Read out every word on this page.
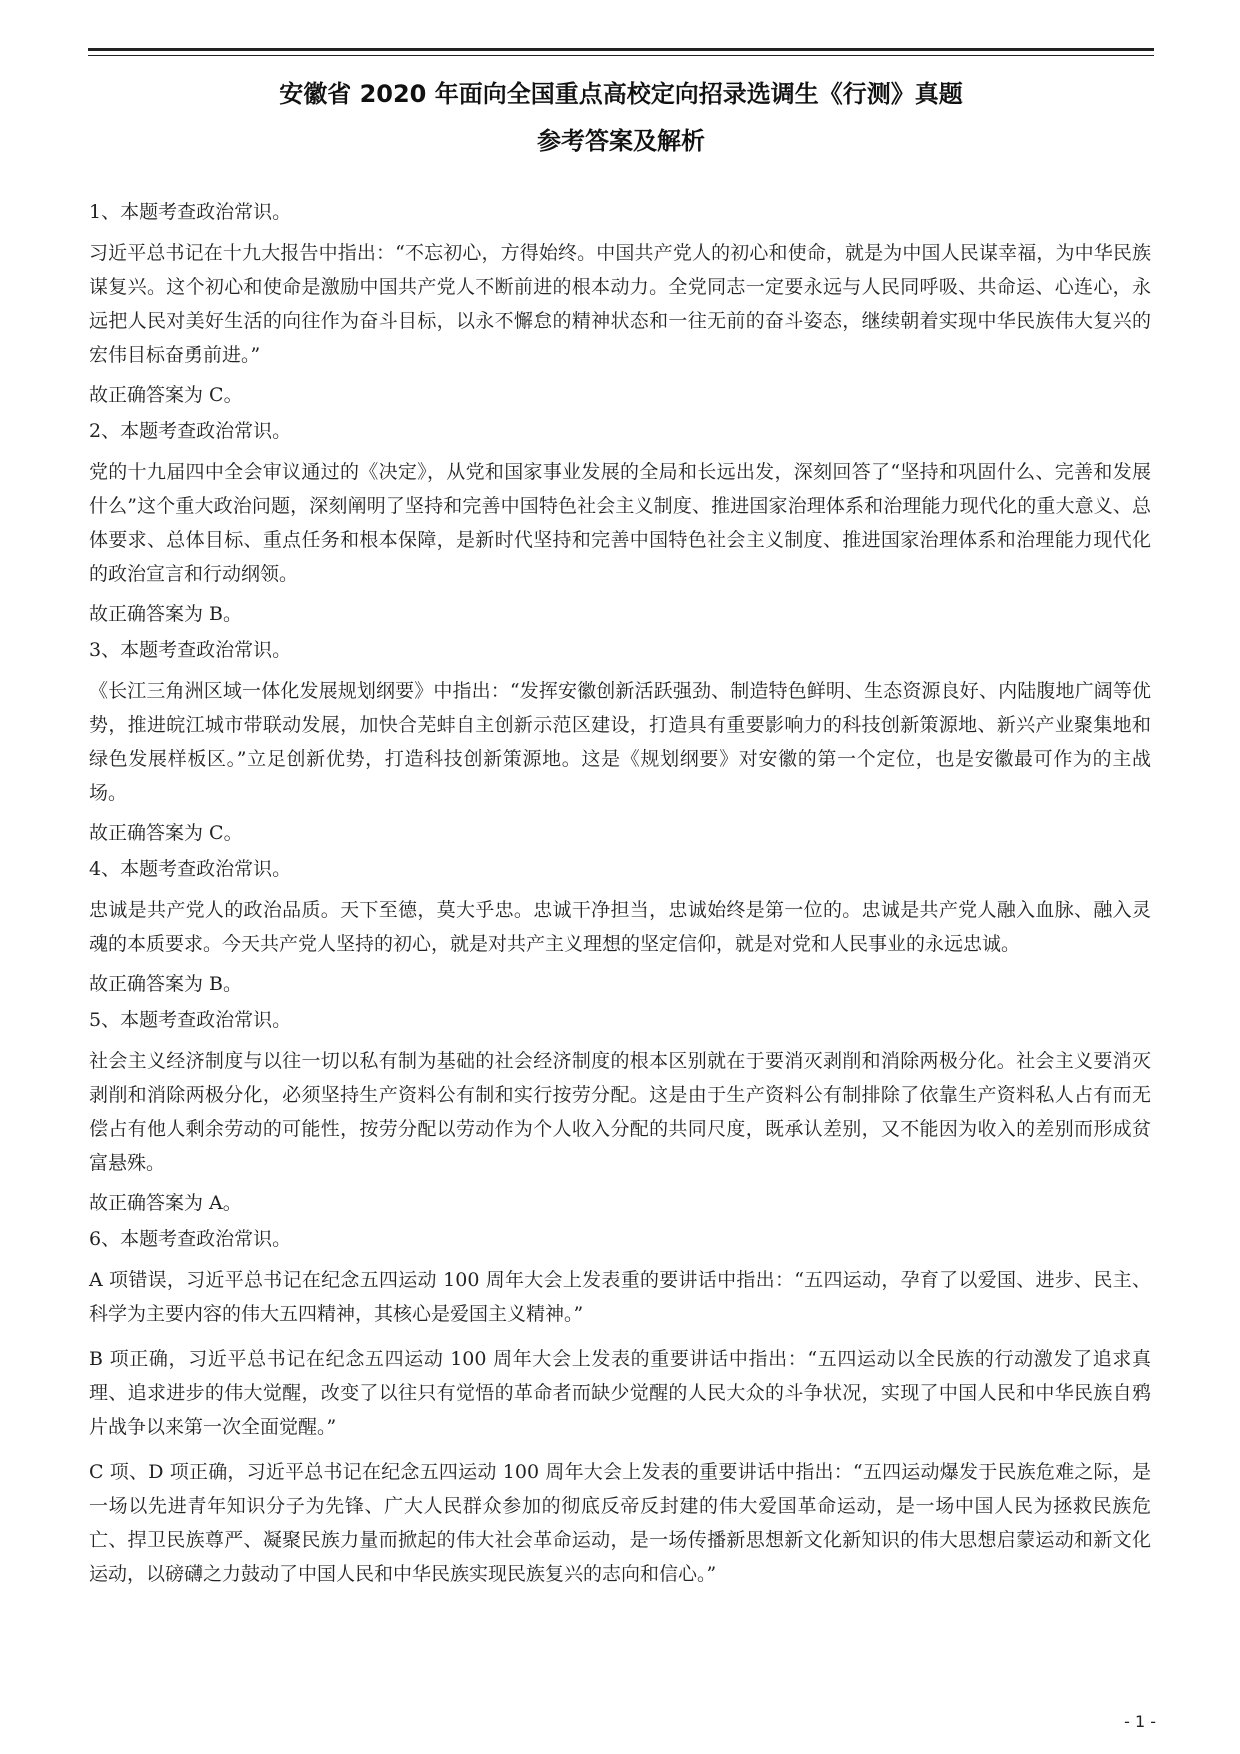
安徽省 2020 年面向全国重点高校定向招录选调生《行测》真题
参考答案及解析
1、本题考查政治常识。
习近平总书记在十九大报告中指出：“不忘初心，方得始终。中国共产党人的初心和使命，就是为中国人民谋幸福，为中华民族谋复兴。这个初心和使命是激励中国共产党人不断前进的根本动力。全党同志一定要永远与人民同呼吸、共命运、心连心，永远把人民对美好生活的向往作为奋斗目标，以永不懈怠的精神状态和一往无前的奋斗姿态，继续朝着实现中华民族伟大复兴的宏伟目标奋勇前进。”
故正确答案为 C。
2、本题考查政治常识。
党的十九届四中全会审议通过的《决定》，从党和国家事业发展的全局和长远出发，深刻回答了“坚持和巩固什么、完善和发展什么”这个重大政治问题，深刻阐明了坚持和完善中国特色社会主义制度、推进国家治理体系和治理能力现代化的重大意义、总体要求、总体目标、重点任务和根本保障，是新时代坚持和完善中国特色社会主义制度、推进国家治理体系和治理能力现代化的政治宣言和行动纲领。
故正确答案为 B。
3、本题考查政治常识。
《长江三角洲区域一体化发展规划纲要》中指出：“发挥安徽创新活跃强劲、制造特色鲜明、生态资源良好、内陆腹地广阔等优势，推进皖江城市带联动发展，加快合芜蚌自主创新示范区建设，打造具有重要影响力的科技创新策源地、新兴产业聚集地和绿色发展样板区。”立足创新优势，打造科技创新策源地。这是《规划纲要》对安徽的第一个定位，也是安徽最可作为的主战场。
故正确答案为 C。
4、本题考查政治常识。
忠诚是共产党人的政治品质。天下至德，莫大乎忠。忠诚干净担当，忠诚始终是第一位的。忠诚是共产党人融入血脉、融入灵魂的本质要求。今天共产党人坚持的初心，就是对共产主义理想的坚定信仰，就是对党和人民事业的永远忠诚。
故正确答案为 B。
5、本题考查政治常识。
社会主义经济制度与以往一切以私有制为基础的社会经济制度的根本区别就在于要消灭剥削和消除两极分化。社会主义要消灭剥削和消除两极分化，必须坚持生产资料公有制和实行按劳分配。这是由于生产资料公有制排除了依靠生产资料私人占有而无偿占有他人剩余劳动的可能性，按劳分配以劳动作为个人收入分配的共同尺度，既承认差别，又不能因为收入的差别而形成贫富悬殊。
故正确答案为 A。
6、本题考查政治常识。
A 项错误，习近平总书记在纪念五四运动 100 周年大会上发表重的要讲话中指出：“五四运动，孕育了以爱国、进步、民主、科学为主要内容的伟大五四精神，其核心是爱国主义精神。”
B 项正确，习近平总书记在纪念五四运动 100 周年大会上发表的重要讲话中指出：“五四运动以全民族的行动激发了追求真理、追求进步的伟大觉醒，改变了以往只有觉悟的革命者而缺少觉醒的人民大众的斗争状况，实现了中国人民和中华民族自鸦片战争以来第一次全面觉醒。”
C 项、D 项正确，习近平总书记在纪念五四运动 100 周年大会上发表的重要讲话中指出：“五四运动爆发于民族危难之际，是一场以先进青年知识分子为先锋、广大人民群众参加的彻底反帝反封建的伟大爱国革命运动，是一场中国人民为拯救民族危亡、捍卫民族尊严、凝聚民族力量而掀起的伟大社会革命运动，是一场传播新思想新文化新知识的伟大思想启蒙运动和新文化运动，以磅礴之力鼓动了中国人民和中华民族实现民族复兴的志向和信心。”
- 1 -
